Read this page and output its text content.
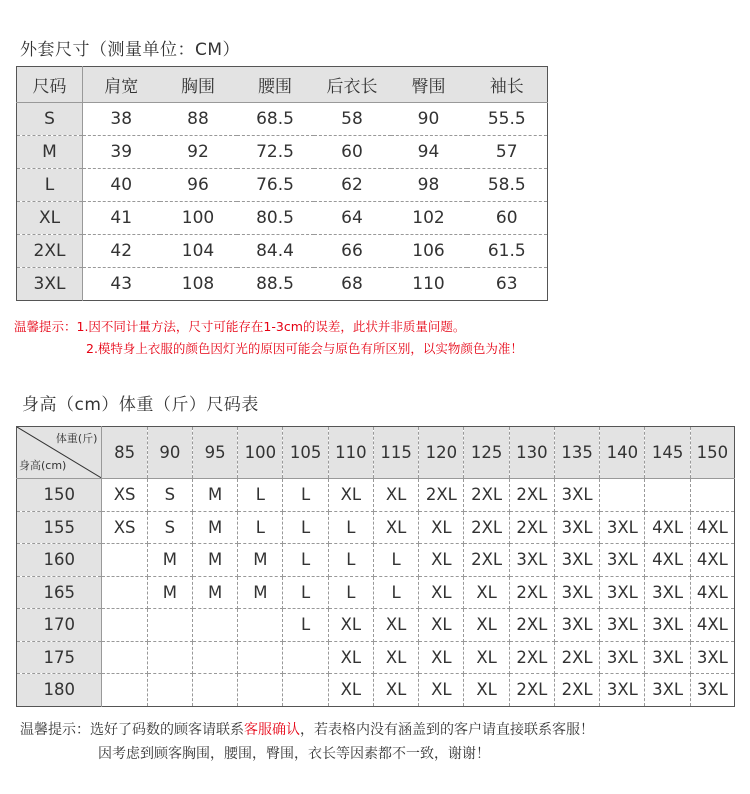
外套尺寸（测量单位：CM）
尺码	肩宽	胸围	腰围	后衣长	臀围	袖长
S	38	88	68.5	58	90	55.5
M	39	92	72.5	60	94	57
L	40	96	76.5	62	98	58.5
XL	41	100	80.5	64	102	60
2XL	42	104	84.4	66	106	61.5
3XL	43	108	88.5	68	110	63
温馨提示：1.因不同计量方法，尺寸可能存在1-3cm的误差，此状并非质量问题。
2.模特身上衣服的颜色因灯光的原因可能会与原色有所区别，以实物颜色为准！
身高（cm）体重（斤）尺码表
体重(斤)
身高(cm)	85	90	95	100	105	110	115	120	125	130	135	140	145	150
150	XS	S	M	L	L	XL	XL	2XL	2XL	2XL	3XL			
155	XS	S	M	L	L	L	XL	XL	2XL	2XL	3XL	3XL	4XL	4XL
160		M	M	M	L	L	L	XL	2XL	3XL	3XL	3XL	4XL	4XL
165		M	M	M	L	L	L	XL	XL	2XL	3XL	3XL	3XL	4XL
170					L	XL	XL	XL	XL	2XL	3XL	3XL	3XL	4XL
175						XL	XL	XL	XL	2XL	2XL	3XL	3XL	3XL
180						XL	XL	XL	XL	2XL	2XL	3XL	3XL	3XL
温馨提示：选好了码数的顾客请联系客服确认，若表格内没有涵盖到的客户请直接联系客服！
因考虑到顾客胸围，腰围，臀围，衣长等因素都不一致，谢谢！
